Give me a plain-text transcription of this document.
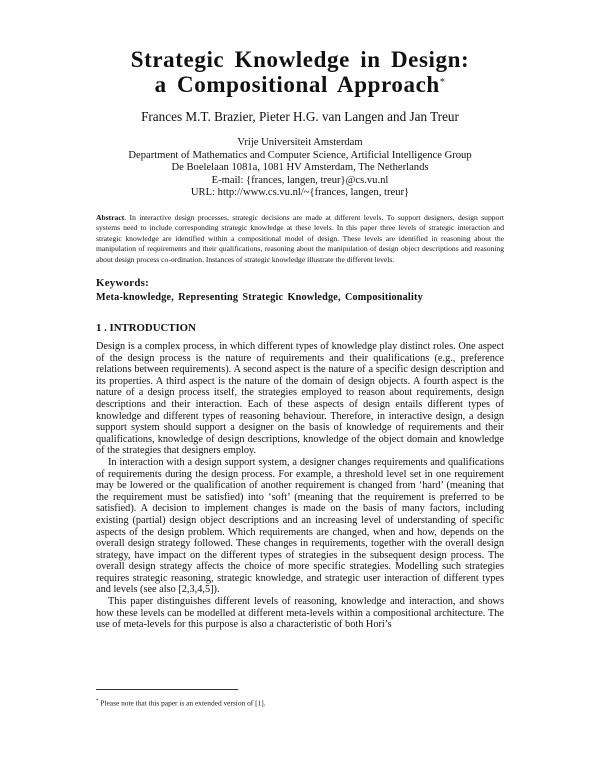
Strategic Knowledge in Design:
a Compositional Approach*
Frances M.T. Brazier, Pieter H.G. van Langen and Jan Treur
Vrije Universiteit Amsterdam
Department of Mathematics and Computer Science, Artificial Intelligence Group
De Boelelaan 1081a, 1081 HV Amsterdam, The Netherlands
E-mail: {frances, langen, treur}@cs.vu.nl
URL: http://www.cs.vu.nl/~{frances, langen, treur}
Abstract. In interactive design processes, strategic decisions are made at different levels. To support designers, design support systems need to include corresponding strategic knowledge at these levels. In this paper three levels of strategic interaction and strategic knowledge are identified within a compositional model of design. These levels are identified in reasoning about the manipulation of requirements and their qualifications, reasoning about the manipulation of design object descriptions and reasoning about design process co-ordination. Instances of strategic knowledge illustrate the different levels.
Keywords:
Meta-knowledge, Representing Strategic Knowledge, Compositionality
1 . INTRODUCTION

Design is a complex process, in which different types of knowledge play distinct roles. One aspect of the design process is the nature of requirements and their qualifications (e.g., preference relations between requirements). A second aspect is the nature of a specific design description and its properties. A third aspect is the nature of the domain of design objects. A fourth aspect is the nature of a design process itself, the strategies employed to reason about requirements, design descriptions and their interaction. Each of these aspects of design entails different types of knowledge and different types of reasoning behaviour. Therefore, in interactive design, a design support system should support a designer on the basis of knowledge of requirements and their qualifications, knowledge of design descriptions, knowledge of the object domain and knowledge of the strategies that designers employ.

In interaction with a design support system, a designer changes requirements and qualifications of requirements during the design process. For example, a threshold level set in one requirement may be lowered or the qualification of another requirement is changed from ‘hard’ (meaning that the requirement must be satisfied) into ‘soft’ (meaning that the requirement is preferred to be satisfied). A decision to implement changes is made on the basis of many factors, including existing (partial) design object descriptions and an increasing level of understanding of specific aspects of the design problem. Which requirements are changed, when and how, depends on the overall design strategy followed. These changes in requirements, together with the overall design strategy, have impact on the different types of strategies in the subsequent design process. The overall design strategy affects the choice of more specific strategies. Modelling such strategies requires strategic reasoning, strategic knowledge, and strategic user interaction of different types and levels (see also [2,3,4,5]).

This paper distinguishes different levels of reasoning, knowledge and interaction, and shows how these levels can be modelled at different meta-levels within a compositional architecture. The use of meta-levels for this purpose is also a characteristic of both Hori’s

* Please note that this paper is an extended version of [1].
